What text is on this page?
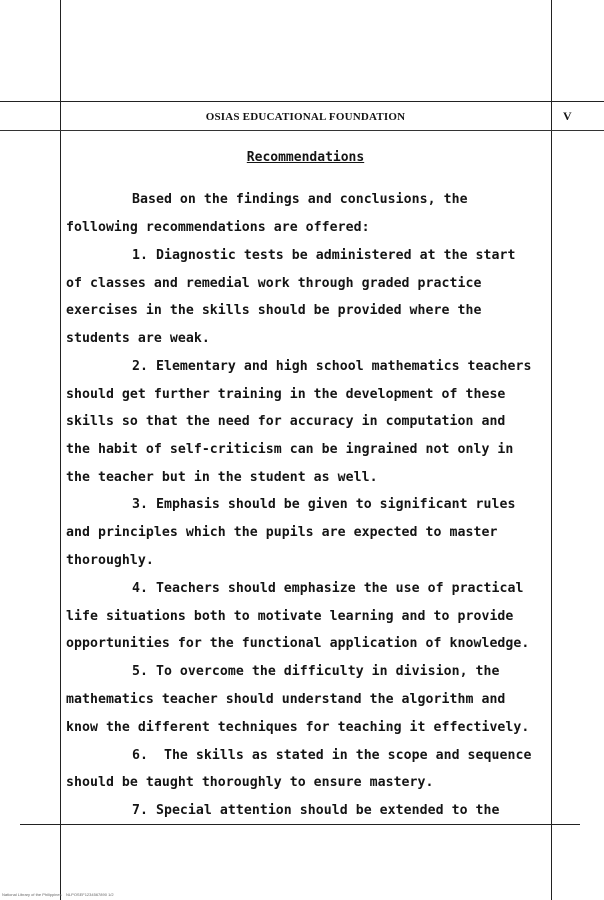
OSIAS EDUCATIONAL FOUNDATION	V
Recommendations
Based on the findings and conclusions, the
following recommendations are offered:
1. Diagnostic tests be administered at the start
of classes and remedial work through graded practice
exercises in the skills should be provided where the
students are weak.
2. Elementary and high school mathematics teachers
should get further training in the development of these
skills so that the need for accuracy in computation and
the habit of self-criticism can be ingrained not only in
the teacher but in the student as well.
3. Emphasis should be given to significant rules
and principles which the pupils are expected to master
thoroughly.
4. Teachers should emphasize the use of practical
life situations both to motivate learning and to provide
opportunities for the functional application of knowledge.
5. To overcome the difficulty in division, the
mathematics teacher should understand the algorithm and
know the different techniques for teaching it effectively.
6.  The skills as stated in the scope and sequence
should be taught thoroughly to ensure mastery.
7. Special attention should be extended to the
National Library of the Philippines    NLPOSEF1234567890 1/2
